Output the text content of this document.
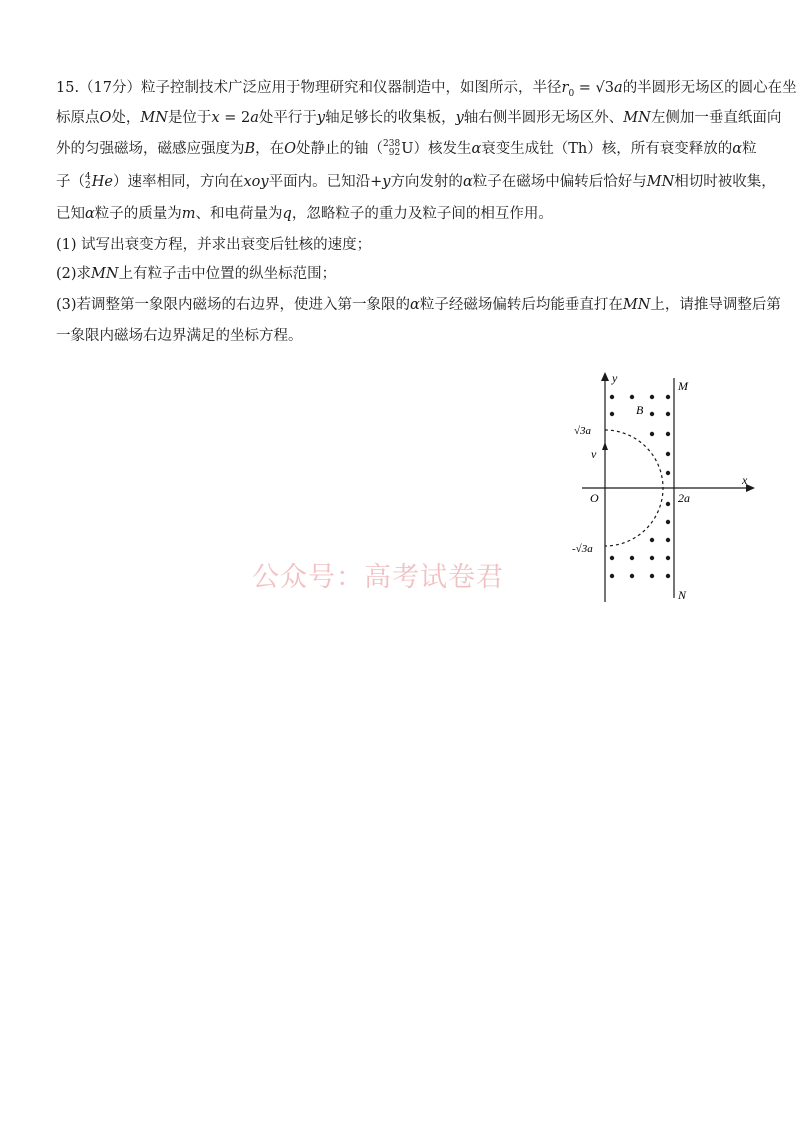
15.（17分）粒子控制技术广泛应用于物理研究和仪器制造中，如图所示，半径$r_0 = √3a$的半圆形无场区的圆心在坐
标原点O处，MN是位于x = 2a处平行于y轴足够长的收集板，y轴右侧半圆形无场区外、MN左侧加一垂直纸面向
外的匀强磁场，磁感应强度为B，在O处静止的铀（ 238
92 U）核发生α衰变生成钍（Th）核，所有衰变释放的α粒
子（ 4
2 He）速率相同，方向在xoy平面内。已知沿+y方向发射的α粒子在磁场中偏转后恰好与MN相切时被收集，
已知α粒子的质量为m、和电荷量为q，忽略粒子的重力及粒子间的相互作用。
(1) 试写出衰变方程，并求出衰变后钍核的速度；
(2)求MN上有粒子击中位置的纵坐标范围；
(3)若调整第一象限内磁场的右边界，使进入第一象限的α粒子经磁场偏转后均能垂直打在MN上，请推导调整后第
一象限内磁场右边界满足的坐标方程。
y
x
M
N
B
O	2a
v
√3a
-√3a
公众号：高考试卷君
